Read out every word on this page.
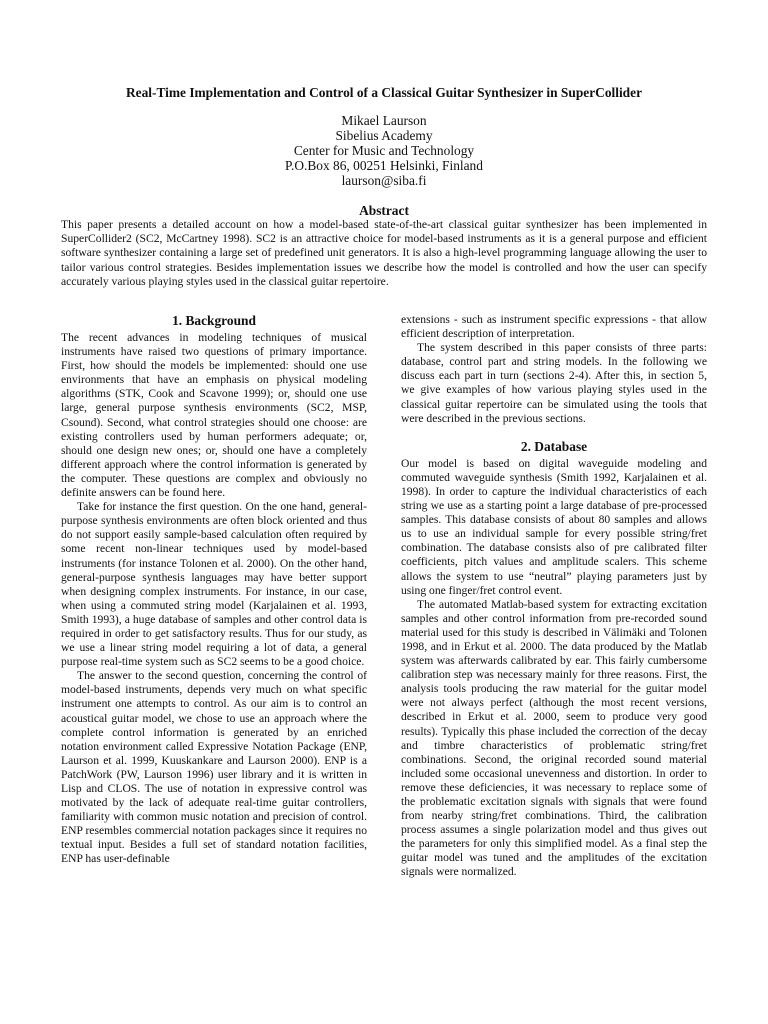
Real-Time Implementation and Control of a Classical Guitar Synthesizer in SuperCollider
Mikael Laurson
Sibelius Academy
Center for Music and Technology
P.O.Box 86, 00251 Helsinki, Finland
laurson@siba.fi
Abstract
This paper presents a detailed account on how a model-based state-of-the-art classical guitar synthesizer has been implemented in SuperCollider2 (SC2, McCartney 1998). SC2 is an attractive choice for model-based instruments as it is a general purpose and efficient software synthesizer containing a large set of predefined unit generators. It is also a high-level programming language allowing the user to tailor various control strategies. Besides implementation issues we describe how the model is controlled and how the user can specify accurately various playing styles used in the classical guitar repertoire.
1. Background

The recent advances in modeling techniques of musical instruments have raised two questions of primary importance. First, how should the models be implemented: should one use environments that have an emphasis on physical modeling algorithms (STK, Cook and Scavone 1999); or, should one use large, general purpose synthesis environments (SC2, MSP, Csound). Second, what control strategies should one choose: are existing controllers used by human performers adequate; or, should one design new ones; or, should one have a completely different approach where the control information is generated by the computer. These questions are complex and obviously no definite answers can be found here.

Take for instance the first question. On the one hand, general-purpose synthesis environments are often block oriented and thus do not support easily sample-based calculation often required by some recent non-linear techniques used by model-based instruments (for instance Tolonen et al. 2000). On the other hand, general-purpose synthesis languages may have better support when designing complex instruments. For instance, in our case, when using a commuted string model (Karjalainen et al. 1993, Smith 1993), a huge database of samples and other control data is required in order to get satisfactory results. Thus for our study, as we use a linear string model requiring a lot of data, a general purpose real-time system such as SC2 seems to be a good choice.

The answer to the second question, concerning the control of model-based instruments, depends very much on what specific instrument one attempts to control. As our aim is to control an acoustical guitar model, we chose to use an approach where the complete control information is generated by an enriched notation environment called Expressive Notation Package (ENP, Laurson et al. 1999, Kuuskankare and Laurson 2000). ENP is a PatchWork (PW, Laurson 1996) user library and it is written in Lisp and CLOS. The use of notation in expressive control was motivated by the lack of adequate real-time guitar controllers, familiarity with common music notation and precision of control. ENP resembles commercial notation packages since it requires no textual input. Besides a full set of standard notation facilities, ENP has user-definable

extensions - such as instrument specific expressions - that allow efficient description of interpretation.

The system described in this paper consists of three parts: database, control part and string models. In the following we discuss each part in turn (sections 2-4). After this, in section 5, we give examples of how various playing styles used in the classical guitar repertoire can be simulated using the tools that were described in the previous sections.

2. Database

Our model is based on digital waveguide modeling and commuted waveguide synthesis (Smith 1992, Karjalainen et al. 1998). In order to capture the individual characteristics of each string we use as a starting point a large database of pre-processed samples. This database consists of about 80 samples and allows us to use an individual sample for every possible string/fret combination. The database consists also of pre calibrated filter coefficients, pitch values and amplitude scalers. This scheme allows the system to use “neutral” playing parameters just by using one finger/fret control event.

The automated Matlab-based system for extracting excitation samples and other control information from pre-recorded sound material used for this study is described in Välimäki and Tolonen 1998, and in Erkut et al. 2000. The data produced by the Matlab system was afterwards calibrated by ear. This fairly cumbersome calibration step was necessary mainly for three reasons. First, the analysis tools producing the raw material for the guitar model were not always perfect (although the most recent versions, described in Erkut et al. 2000, seem to produce very good results). Typically this phase included the correction of the decay and timbre characteristics of problematic string/fret combinations. Second, the original recorded sound material included some occasional unevenness and distortion. In order to remove these deficiencies, it was necessary to replace some of the problematic excitation signals with signals that were found from nearby string/fret combinations. Third, the calibration process assumes a single polarization model and thus gives out the parameters for only this simplified model. As a final step the guitar model was tuned and the amplitudes of the excitation signals were normalized.
